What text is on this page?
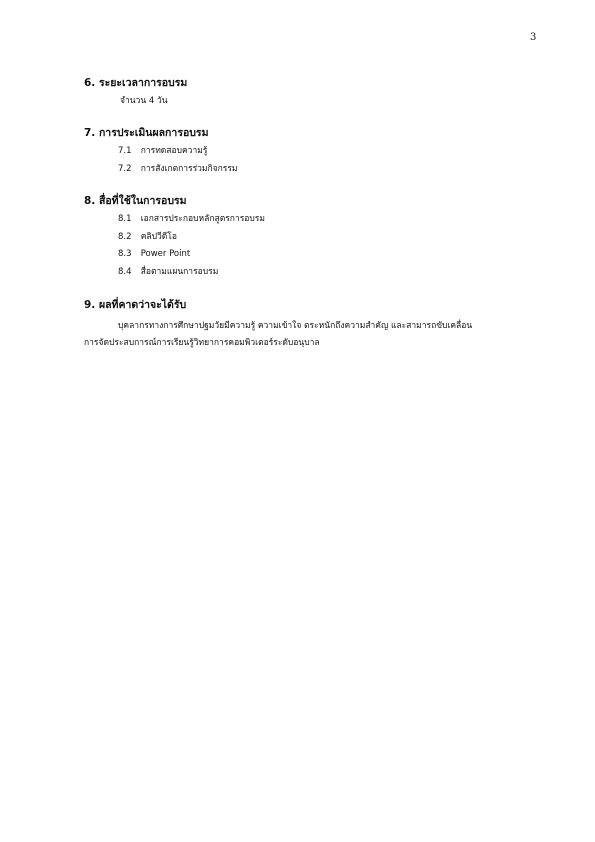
3

6. ระยะเวลาการอบรม

จำนวน 4 วัน

7. การประเมินผลการอบรม

7.1 การทดสอบความรู้
7.2 การสังเกตการร่วมกิจกรรม

8. สื่อที่ใช้ในการอบรม

8.1 เอกสารประกอบหลักสูตรการอบรม
8.2 คลิปวีดีโอ
8.3 Power Point
8.4 สื่อตามแผนการอบรม

9. ผลที่คาดว่าจะได้รับ

บุคลากรทางการศึกษาปฐมวัยมีความรู้ ความเข้าใจ ตระหนักถึงความสำคัญ และสามารถขับเคลื่อน
การจัดประสบการณ์การเรียนรู้วิทยาการคอมพิวเตอร์ระดับอนุบาล
